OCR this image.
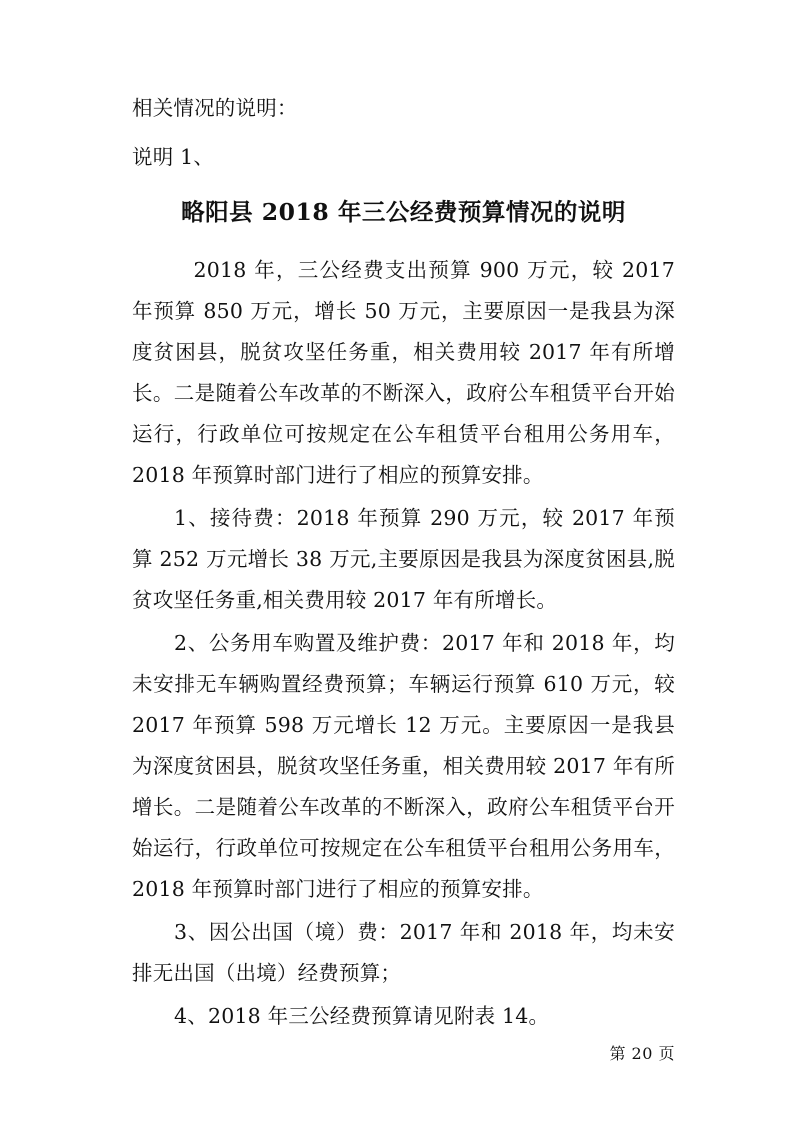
相关情况的说明：

说明 1、

略阳县 2018 年三公经费预算情况的说明

2018 年，三公经费支出预算 900 万元，较 2017 年预算 850 万元，增长 50 万元，主要原因一是我县为深度贫困县，脱贫攻坚任务重，相关费用较 2017 年有所增长。二是随着公车改革的不断深入，政府公车租赁平台开始运行，行政单位可按规定在公车租赁平台租用公务用车，2018 年预算时部门进行了相应的预算安排。

1、接待费：2018 年预算 290 万元，较 2017 年预算 252 万元增长 38 万元,主要原因是我县为深度贫困县,脱贫攻坚任务重,相关费用较 2017 年有所增长。

2、公务用车购置及维护费：2017 年和 2018 年，均未安排无车辆购置经费预算；车辆运行预算 610 万元，较 2017 年预算 598 万元增长 12 万元。主要原因一是我县为深度贫困县，脱贫攻坚任务重，相关费用较 2017 年有所增长。二是随着公车改革的不断深入，政府公车租赁平台开始运行，行政单位可按规定在公车租赁平台租用公务用车，2018 年预算时部门进行了相应的预算安排。

3、因公出国（境）费：2017 年和 2018 年，均未安排无出国（出境）经费预算；

4、2018 年三公经费预算请见附表 14。

第 20 页
